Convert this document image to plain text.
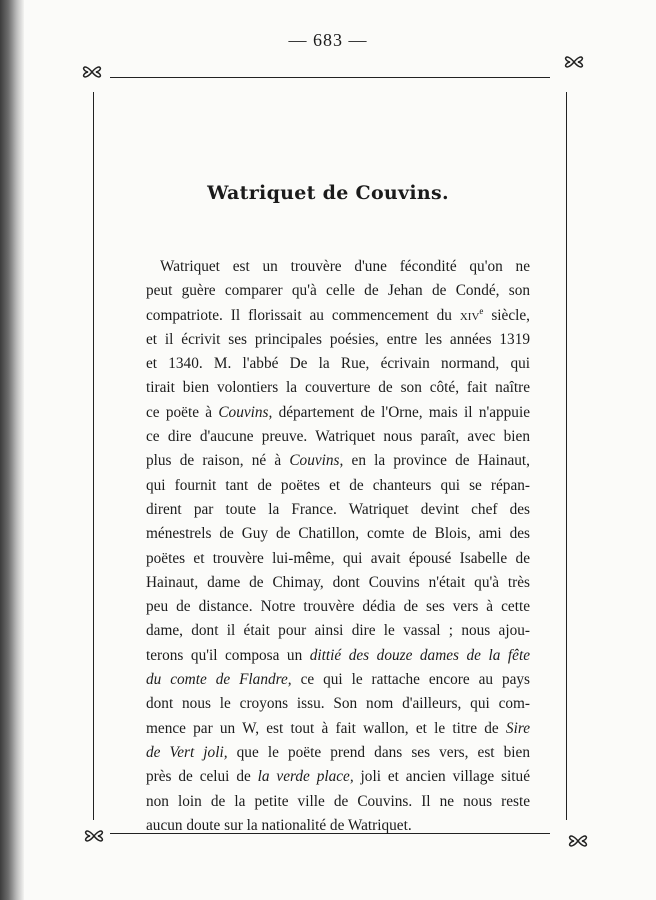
— 683 —
Watriquet de Couvins.
Watriquet est un trouvère d'une fécondité qu'on ne
peut guère comparer qu'à celle de Jehan de Condé, son
compatriote. Il florissait au commencement du xiv$^e$ siècle,
et il écrivit ses principales poésies, entre les années 1319
et 1340. M. l'abbé De la Rue, écrivain normand, qui
tirait bien volontiers la couverture de son côté, fait naître
ce poëte à Couvins, département de l'Orne, mais il n'appuie
ce dire d'aucune preuve. Watriquet nous paraît, avec bien
plus de raison, né à Couvins, en la province de Hainaut,
qui fournit tant de poëtes et de chanteurs qui se répan-
dirent par toute la France. Watriquet devint chef des
ménestrels de Guy de Chatillon, comte de Blois, ami des
poëtes et trouvère lui-même, qui avait épousé Isabelle de
Hainaut, dame de Chimay, dont Couvins n'était qu'à très
peu de distance. Notre trouvère dédia de ses vers à cette
dame, dont il était pour ainsi dire le vassal ; nous ajou-
terons qu'il composa un dittié des douze dames de la fête
du comte de Flandre, ce qui le rattache encore au pays
dont nous le croyons issu. Son nom d'ailleurs, qui com-
mence par un W, est tout à fait wallon, et le titre de Sire
de Vert joli, que le poëte prend dans ses vers, est bien
près de celui de la verde place, joli et ancien village situé
non loin de la petite ville de Couvins. Il ne nous reste
aucun doute sur la nationalité de Watriquet.
